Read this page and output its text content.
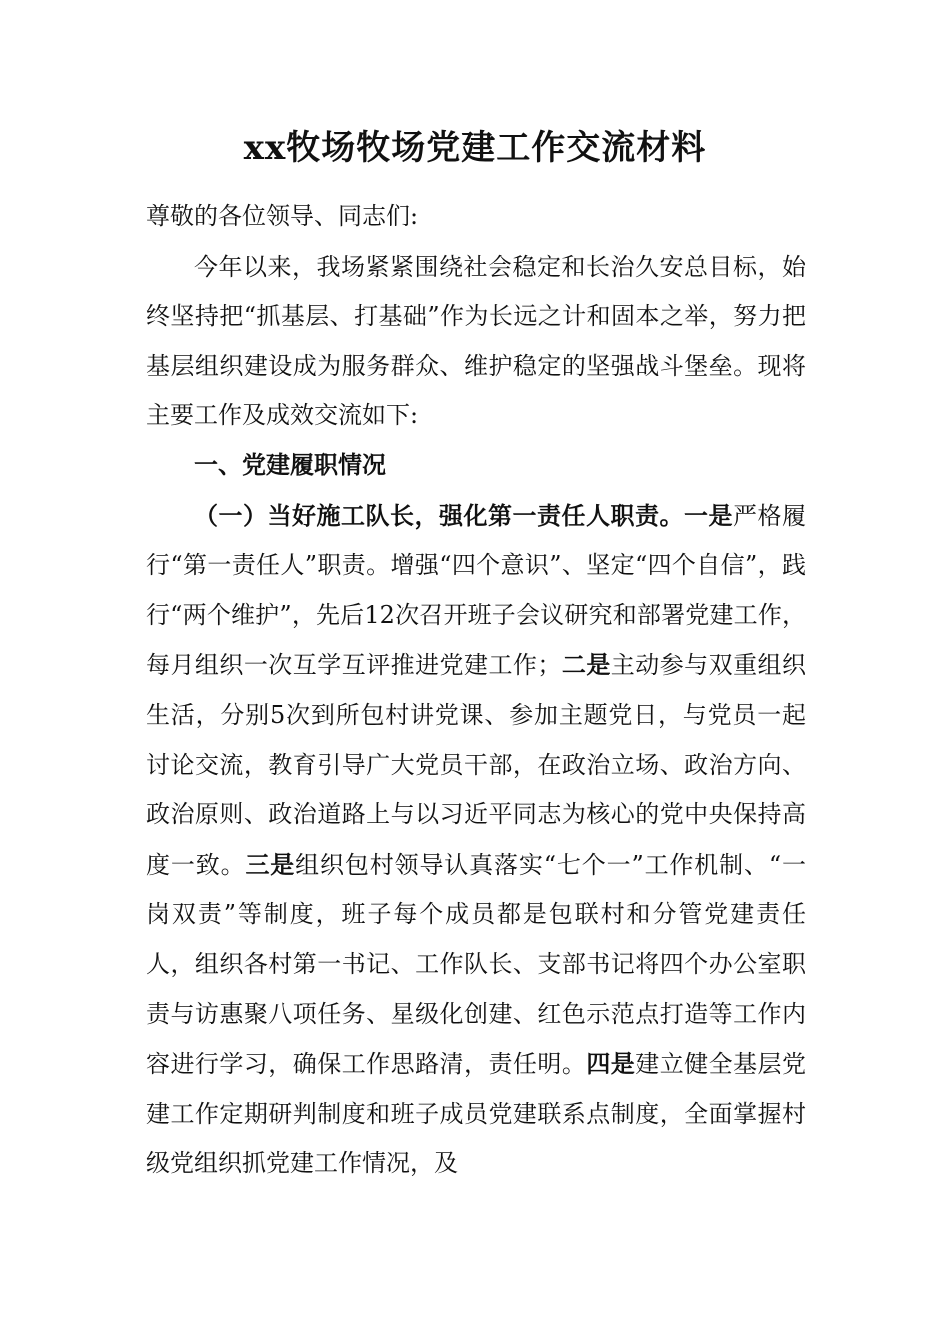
xx牧场牧场党建工作交流材料

尊敬的各位领导、同志们:

今年以来，我场紧紧围绕社会稳定和长治久安总目标，始终坚持把“抓基层、打基础”作为长远之计和固本之举，努力把基层组织建设成为服务群众、维护稳定的坚强战斗堡垒。现将主要工作及成效交流如下:

一、党建履职情况

（一）当好施工队长，强化第一责任人职责。一是严格履行“第一责任人”职责。增强“四个意识”、坚定“四个自信”，践行“两个维护”，先后12次召开班子会议研究和部署党建工作，每月组织一次互学互评推进党建工作；二是主动参与双重组织生活，分别5次到所包村讲党课、参加主题党日，与党员一起讨论交流，教育引导广大党员干部，在政治立场、政治方向、政治原则、政治道路上与以习近平同志为核心的党中央保持高度一致。三是组织包村领导认真落实“七个一”工作机制、“一岗双责”等制度，班子每个成员都是包联村和分管党建责任人，组织各村第一书记、工作队长、支部书记将四个办公室职责与访惠聚八项任务、星级化创建、红色示范点打造等工作内容进行学习，确保工作思路清，责任明。四是建立健全基层党建工作定期研判制度和班子成员党建联系点制度，全面掌握村级党组织抓党建工作情况，及
